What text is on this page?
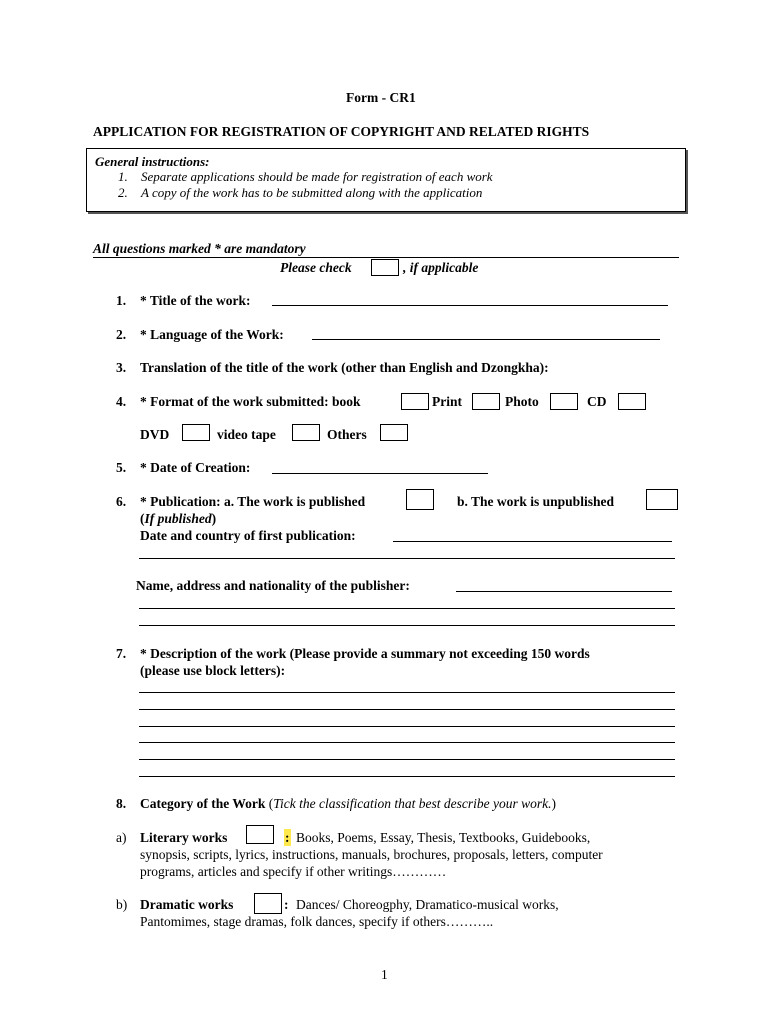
Form - CR1
APPLICATION FOR REGISTRATION OF COPYRIGHT AND RELATED RIGHTS
General instructions:
1. Separate applications should be made for registration of each work
2. A copy of the work has to be submitted along with the application
All questions marked * are mandatory
Please check	, if applicable
1. * Title of the work:
2. * Language of the Work:
3. Translation of the title of the work (other than English and Dzongkha):
4. * Format of the work submitted: book	Print	Photo	CD
DVD	video tape	Others
5. * Date of Creation:
6. * Publication: a. The work is published	b. The work is unpublished
(If published)
Date and country of first publication:
Name, address and nationality of the publisher:
7. * Description of the work (Please provide a summary not exceeding 150 words
(please use block letters):
8. Category of the Work (Tick the classification that best describe your work.)
a) Literary works	: Books, Poems, Essay, Thesis, Textbooks, Guidebooks,
synopsis, scripts, lyrics, instructions, manuals, brochures, proposals, letters, computer
programs, articles and specify if other writings…………
b) Dramatic works	: Dances/ Choreogphy, Dramatico-musical works,
Pantomimes, stage dramas, folk dances, specify if others………..
1
